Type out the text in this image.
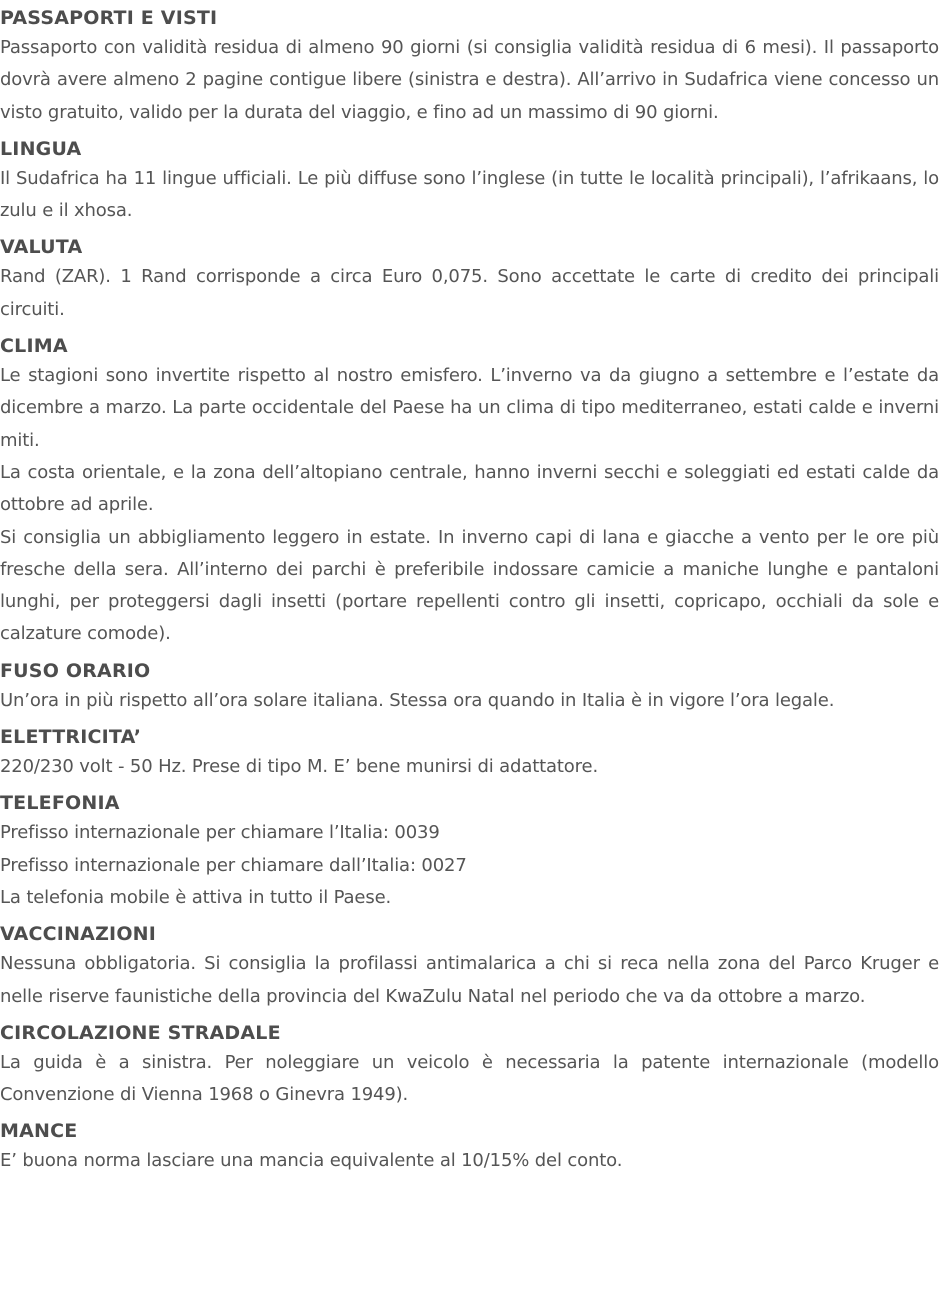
PASSAPORTI E VISTI

Passaporto con validità residua di almeno 90 giorni (si consiglia validità residua di 6 mesi). Il passaporto dovrà avere almeno 2 pagine contigue libere (sinistra e destra). All’arrivo in Sudafrica viene concesso un visto gratuito, valido per la durata del viaggio, e fino ad un massimo di 90 giorni.

LINGUA

Il Sudafrica ha 11 lingue ufficiali. Le più diffuse sono l’inglese (in tutte le località principali), l’afrikaans, lo zulu e il xhosa.

VALUTA

Rand (ZAR). 1 Rand corrisponde a circa Euro 0,075. Sono accettate le carte di credito dei principali circuiti.

CLIMA

Le stagioni sono invertite rispetto al nostro emisfero. L’inverno va da giugno a settembre e l’estate da dicembre a marzo. La parte occidentale del Paese ha un clima di tipo mediterraneo, estati calde e inverni miti.

La costa orientale, e la zona dell’altopiano centrale, hanno inverni secchi e soleggiati ed estati calde da ottobre ad aprile.

Si consiglia un abbigliamento leggero in estate. In inverno capi di lana e giacche a vento per le ore più fresche della sera. All’interno dei parchi è preferibile indossare camicie a maniche lunghe e pantaloni lunghi, per proteggersi dagli insetti (portare repellenti contro gli insetti, copricapo, occhiali da sole e calzature comode).

FUSO ORARIO

Un’ora in più rispetto all’ora solare italiana. Stessa ora quando in Italia è in vigore l’ora legale.

ELETTRICITA’

220/230 volt - 50 Hz. Prese di tipo M. E’ bene munirsi di adattatore.

TELEFONIA

Prefisso internazionale per chiamare l’Italia: 0039

Prefisso internazionale per chiamare dall’Italia: 0027

La telefonia mobile è attiva in tutto il Paese.

VACCINAZIONI

Nessuna obbligatoria. Si consiglia la profilassi antimalarica a chi si reca nella zona del Parco Kruger e nelle riserve faunistiche della provincia del KwaZulu Natal nel periodo che va da ottobre a marzo.

CIRCOLAZIONE STRADALE

La guida è a sinistra. Per noleggiare un veicolo è necessaria la patente internazionale (modello Convenzione di Vienna 1968 o Ginevra 1949).

MANCE

E’ buona norma lasciare una mancia equivalente al 10/15% del conto.
